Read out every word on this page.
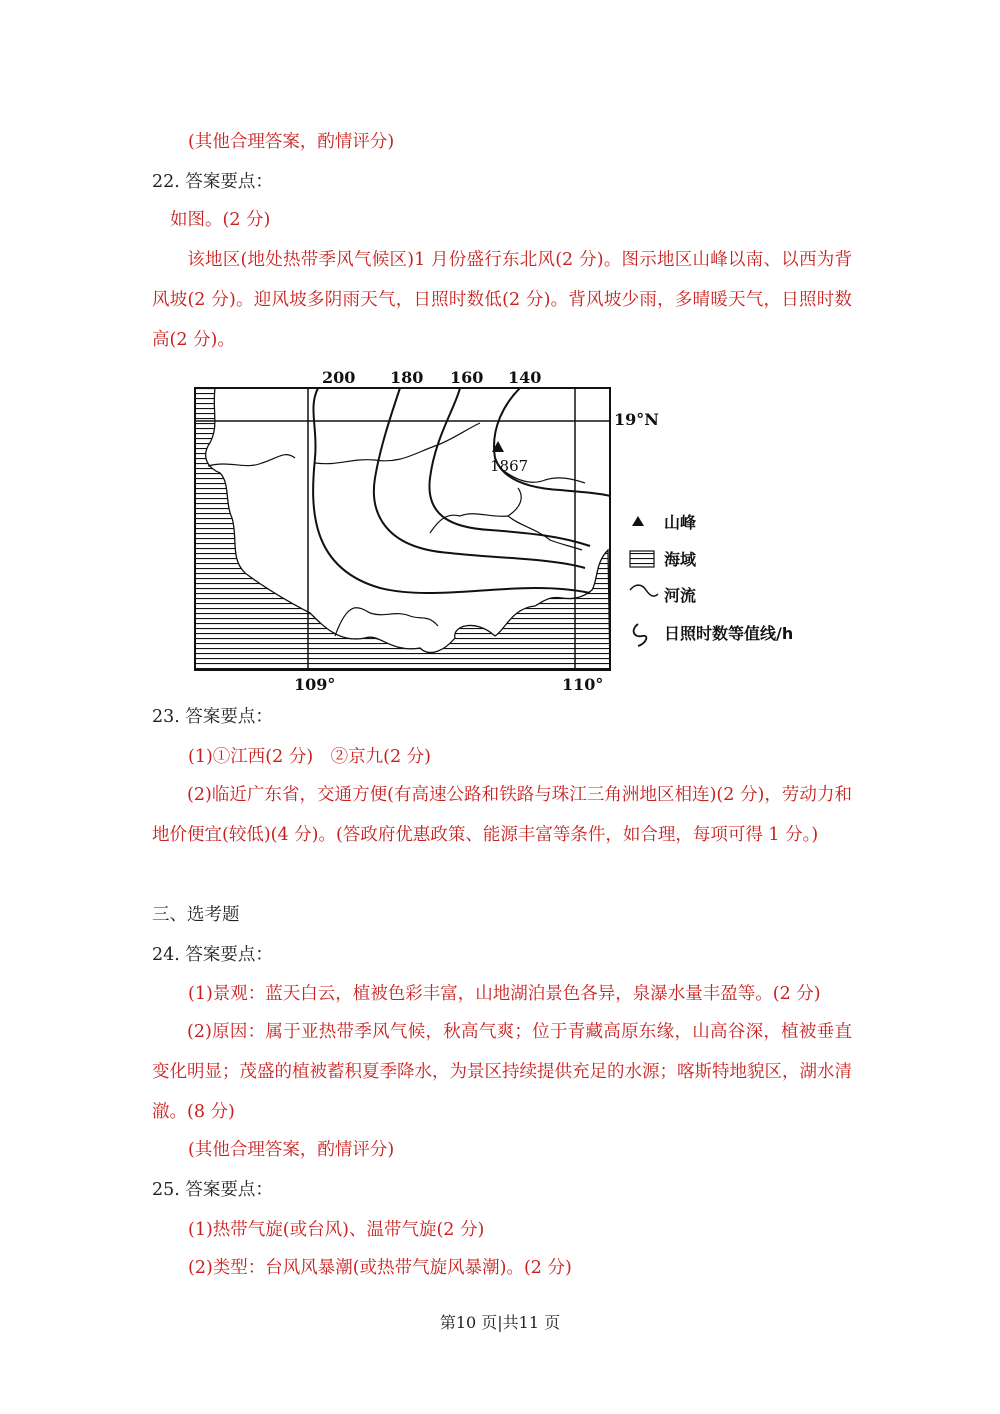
(其他合理答案，酌情评分)
22. 答案要点：
如图。(2 分)
该地区(地处热带季风气候区)1 月份盛行东北风(2 分)。图示地区山峰以南、以西为背风坡(2 分)。迎风坡多阴雨天气，日照时数低(2 分)。背风坡少雨，多晴暖天气，日照时数高(2 分)。
1867
200 180 160 140
19°N
109°	110°
山峰
海域
河流
日照时数等值线/h
23. 答案要点：
(1)①江西(2 分)　②京九(2 分)
(2)临近广东省，交通方便(有高速公路和铁路与珠江三角洲地区相连)(2 分)，劳动力和地价便宜(较低)(4 分)。(答政府优惠政策、能源丰富等条件，如合理，每项可得 1 分。)
三、选考题
24. 答案要点：
(1)景观：蓝天白云，植被色彩丰富，山地湖泊景色各异，泉瀑水量丰盈等。(2 分)
(2)原因：属于亚热带季风气候，秋高气爽；位于青藏高原东缘，山高谷深，植被垂直变化明显；茂盛的植被蓄积夏季降水，为景区持续提供充足的水源；喀斯特地貌区，湖水清澈。(8 分)
(其他合理答案，酌情评分)
25. 答案要点：
(1)热带气旋(或台风)、温带气旋(2 分)
(2)类型：台风风暴潮(或热带气旋风暴潮)。(2 分)
第10 页|共11 页
